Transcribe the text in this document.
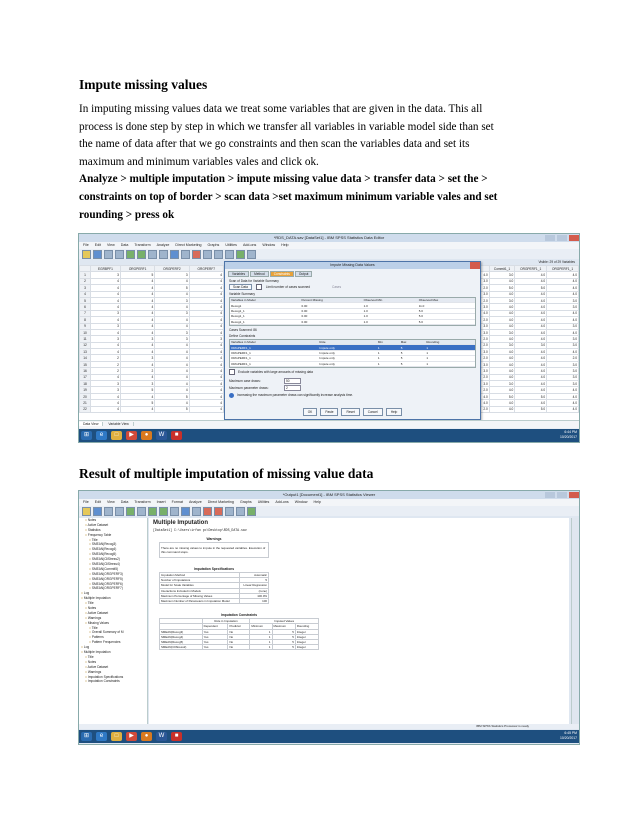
Impute missing values

In imputing missing values data we treat some variables that are given in the data. This all
process is done step by step in which we transfer all variables in variable model side than set
the name of data after that we go constraints and then scan the variables data and set its
maximum and minimum variables vales and click ok.
Analyze > multiple imputation > impute missing value data > transfer data > set the >
constraints on top of border > scan data >set maximum minimum variable vales and set
rounding > press ok

*RDS_DATA.sav [DataSet1] - IBM SPSS Statistics Data Editor
File Edit View Data Transform Analyze Direct Marketing Graphs Utilities Add-ons Window Help
Visible: 29 of 29 Variables
	EGRBPF1	ORGPERF1	ORGPERF2	ORGPERF7
1	3	5	3	4
2	4	4	4	4
3	4	4	5	4
4	4	4	4	4
5	4	4	3	4
6	4	4	4	4
7	3	4	3	4
8	4	4	4	4
9	3	4	4	4
10	4	4	3	4
11	3	3	3	3
12	4	4	4	4
13	4	4	4	4
14	2	3	4	4
15	2	4	4	4
16	2	2	4	4
17	4	4	4	4
18	3	3	4	4
19	3	5	4	4
20	4	4	5	4
21	4	5	4	4
22	4	4	5	4
	Commit1_1	ORGPERF1_1	ORGPERF1_1
4.0	3.0	4.0	4.0
3.0	4.0	4.0	4.0
2.0	5.0	5.0	4.0
3.0	4.0	4.0	4.0
2.0	3.0	4.0	3.0
3.0	4.0	4.0	3.0
4.0	4.0	4.0	4.0
2.0	4.0	4.0	4.0
3.0	4.0	4.0	3.0
3.0	3.0	4.0	4.0
2.0	4.0	4.0	3.0
2.0	3.0	3.0	3.0
3.0	4.0	4.0	4.0
2.0	4.0	4.0	2.0
3.0	4.0	4.0	3.0
3.0	4.0	4.0	3.0
2.0	4.0	4.0	3.0
3.0	3.0	4.0	3.0
2.0	4.0	4.0	4.0
4.0	5.0	5.0	4.0
4.0	4.0	4.0	4.0
2.0	4.0	5.0	4.0
Impute Missing Data Values
Variables	Method	Constraints	Output
Scan of Data for Variable Summary
Scan Data	Limit number of cases scanned	Cases
Variable Summary
Variables in Model	Percent Missing	Observed Min	Observed Max
Recog1	0.00	1.0	11.0
Recog1_1	0.00	1.0	5.0
Recog1_1	0.00	1.0	5.0
Recog1_1	0.00	1.0	5.0
Cases Scanned: 86
Define Constraints
Variables in Model	Role	Min	Max	Rounding
ORGPERF1_1	Impute only	1	5	1
ORGPERF1_1	Impute only	1	5	1
ORGPERF1_1	Impute only	1	5	1
ORGPERF1_1	Impute only	1	5	1
Exclude variables with large amounts of missing data
Maximum case draws:	50
Maximum parameter draws:	2
Increasing the maximum parameter draws can significantly increase analysis time.
OK	Paste	Reset	Cancel	Help
Data View	Variable View
⊞	e	□	▶	●	W	■	6:44 PM
10/20/2017
Result of multiple imputation of missing value data
*Output1 [Document1] - IBM SPSS Statistics Viewer
File Edit View Data Transform Insert Format Analyze Direct Marketing Graphs Utilities Add-ons Window Help
□ Notes
□ Active Dataset
□ Statistics
□ Frequency Table
□ Title
□ SMEAN(Recog3)
□ SMEAN(Recog4)
□ SMEAN(Recog5)
□ SMEAN(CliStress2)
□ SMEAN(CliStress4)
□ SMEAN(Commit5)
□ SMEAN(ORGPERF3)
□ SMEAN(ORGPERF5)
□ SMEAN(ORGPERF6)
□ SMEAN(ORGPERF7)
□ Log
□ Multiple Imputation
□ Title
□ Notes
□ Active Dataset
□ Warnings
□ Missing Values
□ Title
□ Overall Summary of M
□ Patterns
□ Pattern Frequencies
□ Log
□ Multiple Imputation
□ Title
□ Notes
□ Active Dataset
□ Warnings
□ Imputation Specifications
□ Imputation Constraints
Multiple Imputation
[DataSet1] C:\Users\irfan pc\Desktop\RDS_DATA.sav
Warnings
There are no missing values to impute in the requested variables. Execution of this command stops.
Imputation Specifications
Imputation Method	Automatic
Number of Imputations	5
Model for Scale Variables	Linear Regression
Interactions Included in Models	(none)
Maximum Percentage of Missing Values	100.0%
Maximum Number of Parameters in Imputation Model	100
Imputation Constraints
	Role in Imputation		Imputed Values		
	Dependent	Predictor	Minimum	Maximum	Rounding
SMEAN(Recog3)	Yes	No	1	5	Integer
SMEAN(Recog4)	Yes	No	1	5	Integer
SMEAN(Recog5)	Yes	No	1	5	Integer
SMEAN(CliStress2)	Yes	No	1	5	Integer
IBM SPSS Statistics Processor is ready
⊞	e	□	▶	●	W	■	6:45 PM
10/20/2017
